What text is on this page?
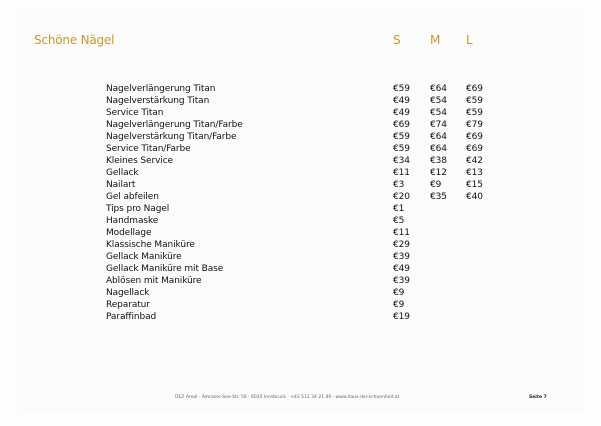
Schöne Nägel	S M L
Nagelverlängerung Titan	€59 €64 €69
Nagelverstärkung Titan	€49 €54 €59
Service Titan	€49 €54 €59
Nagelverlängerung Titan/Farbe	€69 €74 €79
Nagelverstärkung Titan/Farbe	€59 €64 €69
Service Titan/Farbe	€59 €64 €69
Kleines Service	€34 €38 €42
Gellack	€11 €12 €13
Nailart	€3	€9	€15
Gel abfeilen	€20 €35 €40
Tips pro Nagel	€1
Handmaske	€5
Modellage	€11
Klassische Maniküre	€29
Gellack Maniküre	€39
Gellack Maniküre mit Base	€49
Ablösen mit Maniküre	€39
Nagellack	€9
Reparatur	€9
Paraffinbad	€19
DEZ Areal · Amraser-See-Str. 56 · 6020 Innsbruck · +43 512 34 21 49 · www.haus-der-schoenheit.at	Seite 7
